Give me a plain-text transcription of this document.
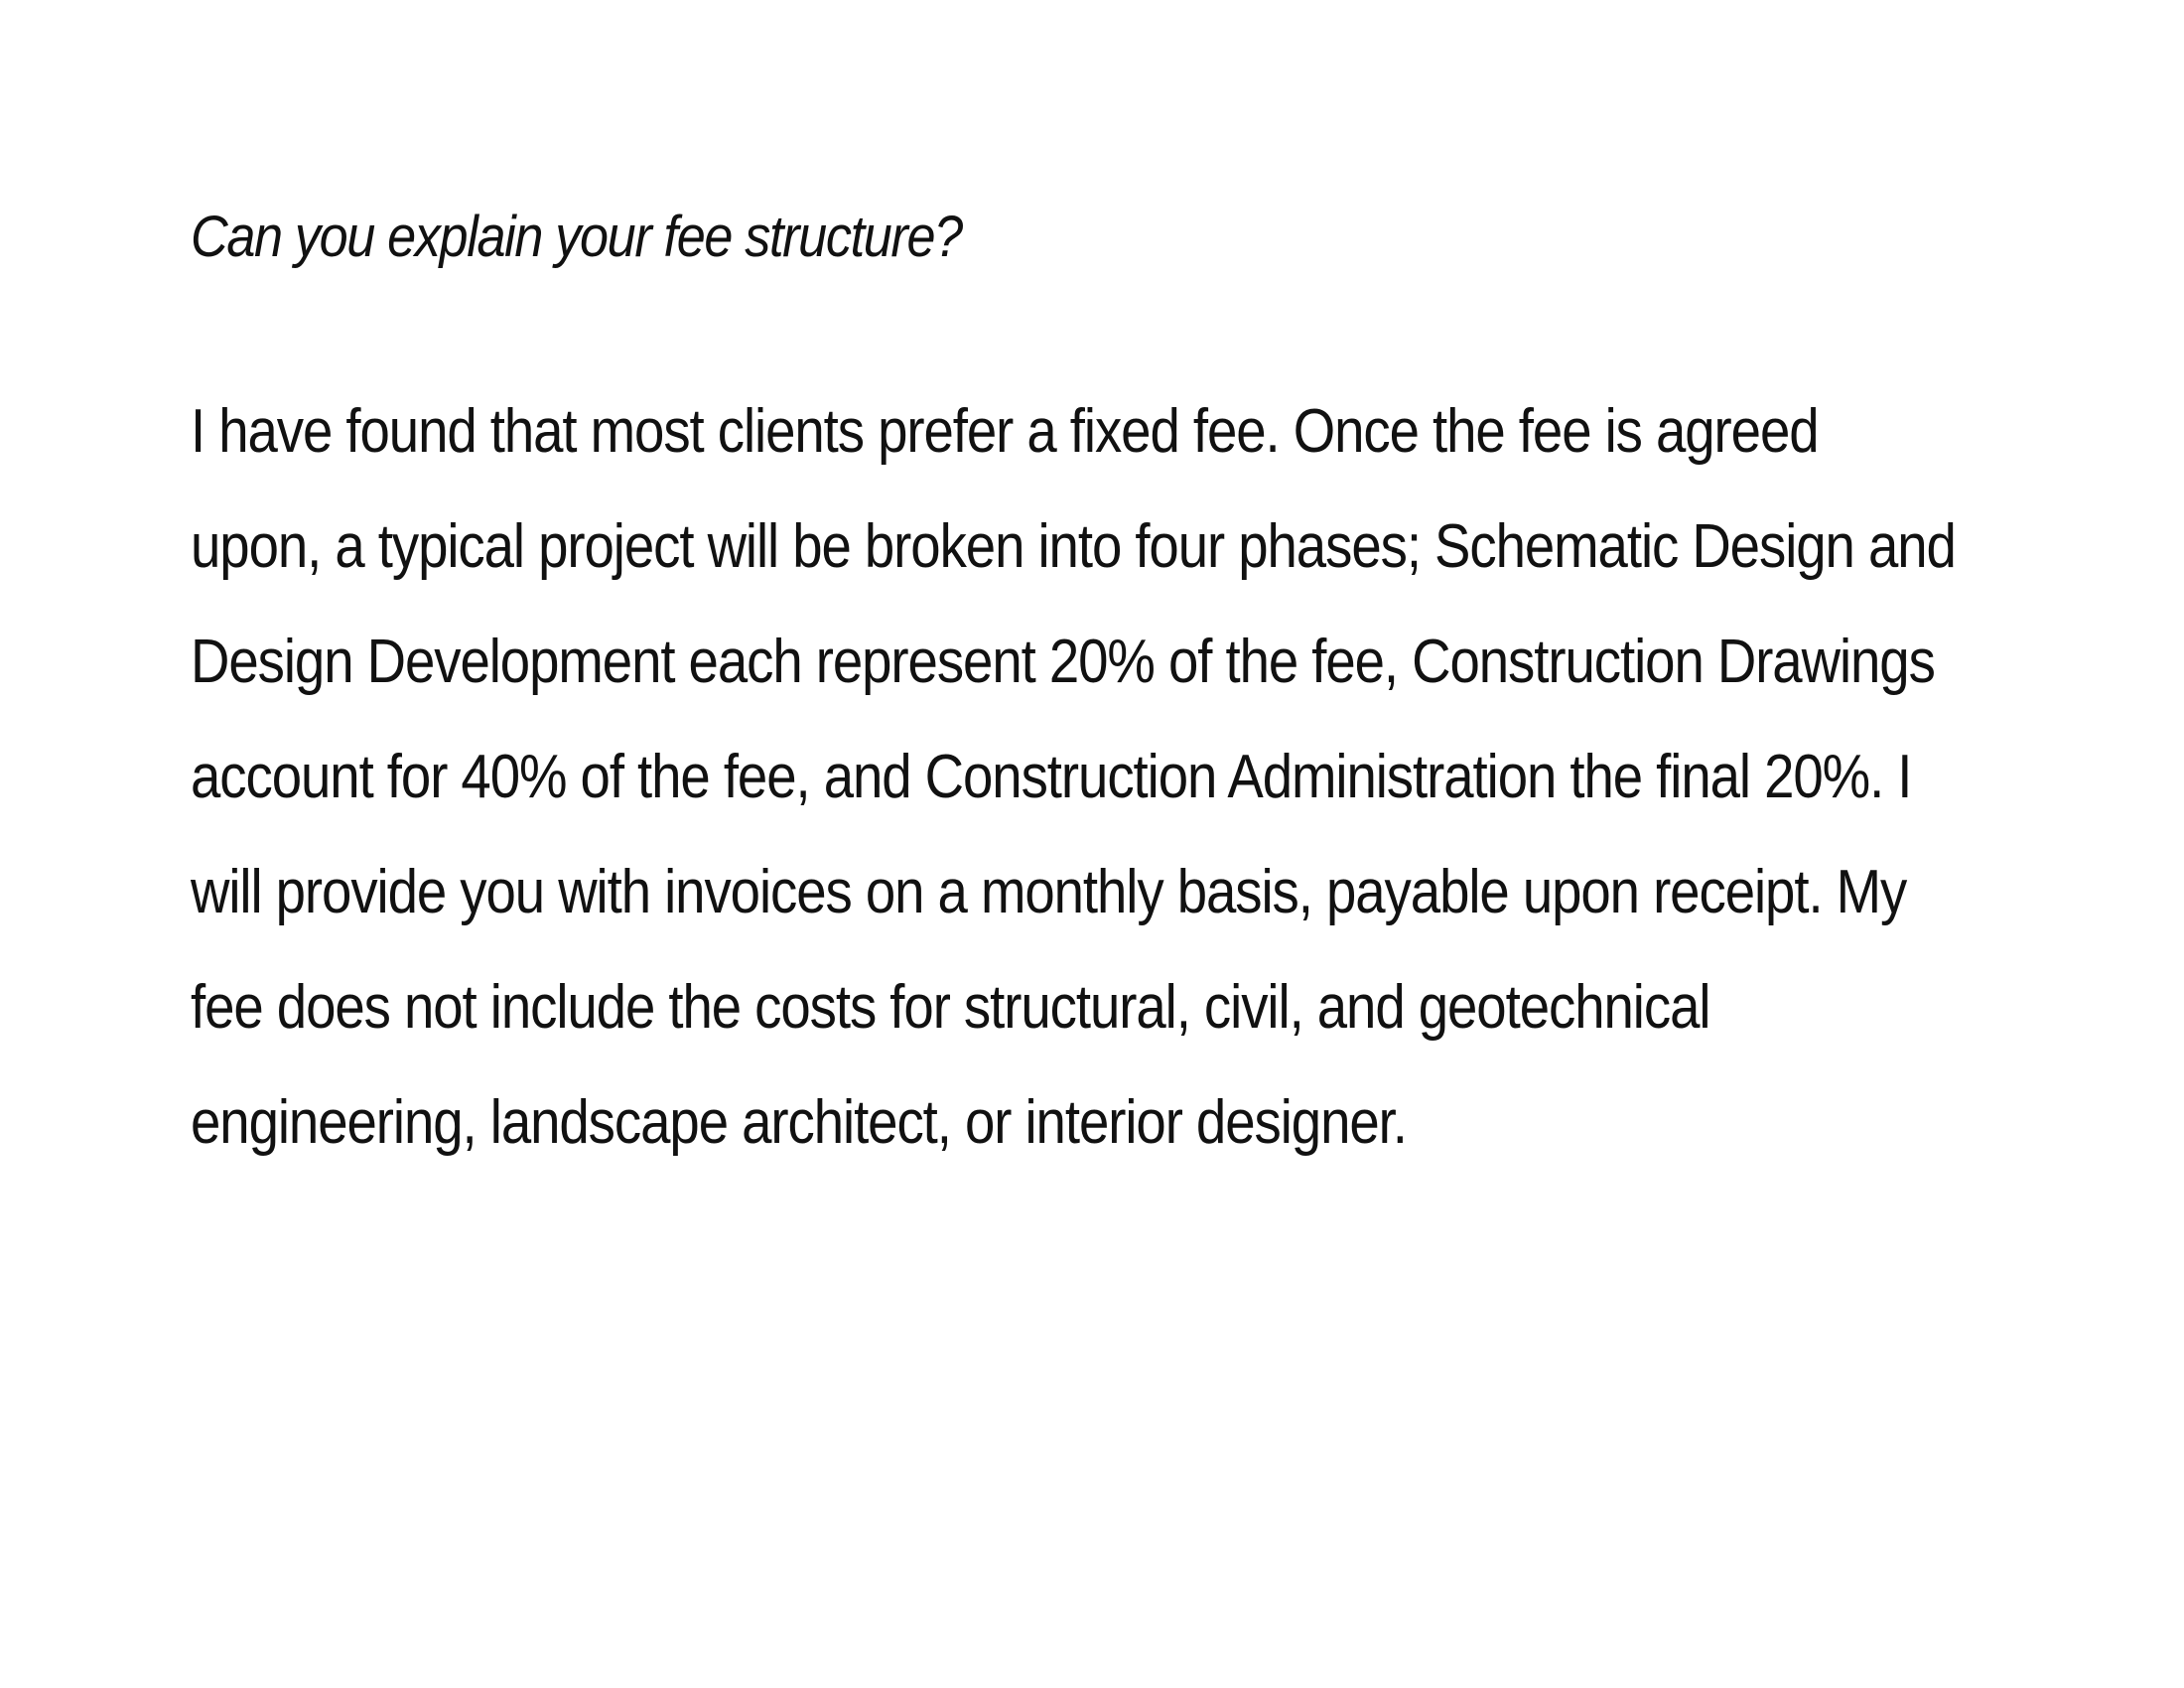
Can you explain your fee structure?

I have found that most clients prefer a fixed fee. Once the fee is agreed
upon, a typical project will be broken into four phases; Schematic Design and
Design Development each represent 20% of the fee, Construction Drawings
account for 40% of the fee, and Construction Administration the final 20%. I
will provide you with invoices on a monthly basis, payable upon receipt. My
fee does not include the costs for structural, civil, and geotechnical
engineering, landscape architect, or interior designer.
